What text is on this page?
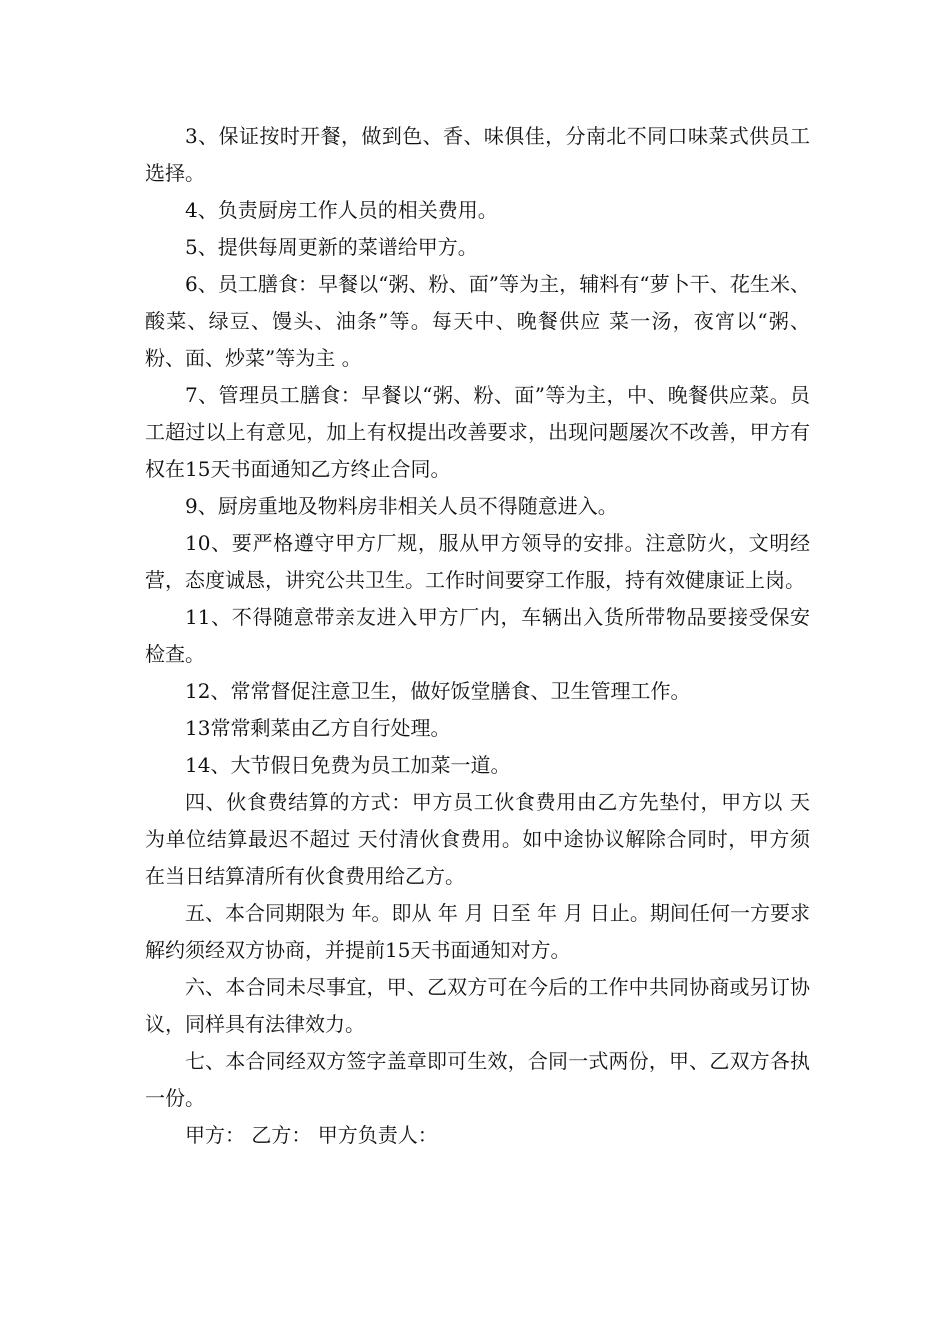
3、保证按时开餐，做到色、香、味俱佳，分南北不同口味菜式供员工选择。

4、负责厨房工作人员的相关费用。

5、提供每周更新的菜谱给甲方。

6、员工膳食：早餐以“粥、粉、面”等为主，辅料有“萝卜干、花生米、酸菜、绿豆、馒头、油条”等。每天中、晚餐供应 菜一汤，夜宵以“粥、粉、面、炒菜”等为主 。

7、管理员工膳食：早餐以“粥、粉、面”等为主，中、晚餐供应菜。员工超过以上有意见，加上有权提出改善要求，出现问题屡次不改善，甲方有权在15天书面通知乙方终止合同。

9、厨房重地及物料房非相关人员不得随意进入。

10、要严格遵守甲方厂规，服从甲方领导的安排。注意防火，文明经营，态度诚恳，讲究公共卫生。工作时间要穿工作服，持有效健康证上岗。

11、不得随意带亲友进入甲方厂内，车辆出入货所带物品要接受保安检查。

12、常常督促注意卫生，做好饭堂膳食、卫生管理工作。

13常常剩菜由乙方自行处理。

14、大节假日免费为员工加菜一道。

四、伙食费结算的方式：甲方员工伙食费用由乙方先垫付，甲方以 天为单位结算最迟不超过 天付清伙食费用。如中途协议解除合同时，甲方须在当日结算清所有伙食费用给乙方。

五、本合同期限为 年。即从 年 月 日至 年 月 日止。期间任何一方要求解约须经双方协商，并提前15天书面通知对方。

六、本合同未尽事宜，甲、乙双方可在今后的工作中共同协商或另订协议，同样具有法律效力。

七、本合同经双方签字盖章即可生效，合同一式两份，甲、乙双方各执一份。

甲方： 乙方： 甲方负责人：
